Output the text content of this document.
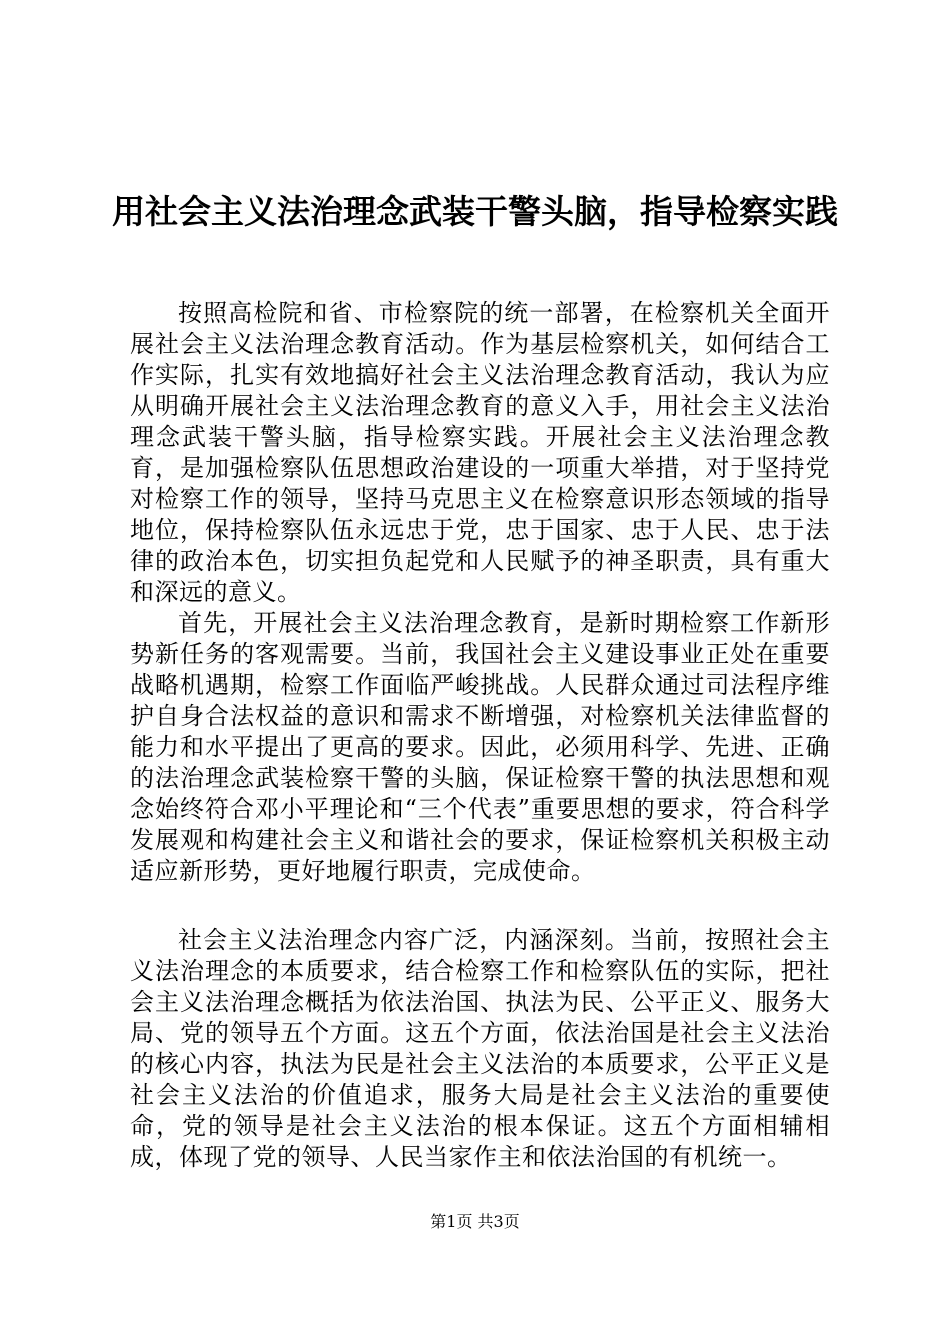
用社会主义法治理念武装干警头脑，指导检察实践

按照高检院和省、市检察院的统一部署，在检察机关全面开展社会主义法治理念教育活动。作为基层检察机关，如何结合工作实际，扎实有效地搞好社会主义法治理念教育活动，我认为应从明确开展社会主义法治理念教育的意义入手，用社会主义法治理念武装干警头脑，指导检察实践。开展社会主义法治理念教育，是加强检察队伍思想政治建设的一项重大举措，对于坚持党对检察工作的领导，坚持马克思主义在检察意识形态领域的指导地位，保持检察队伍永远忠于党，忠于国家、忠于人民、忠于法律的政治本色，切实担负起党和人民赋予的神圣职责，具有重大和深远的意义。

首先，开展社会主义法治理念教育，是新时期检察工作新形势新任务的客观需要。当前，我国社会主义建设事业正处在重要战略机遇期，检察工作面临严峻挑战。人民群众通过司法程序维护自身合法权益的意识和需求不断增强，对检察机关法律监督的能力和水平提出了更高的要求。因此，必须用科学、先进、正确的法治理念武装检察干警的头脑，保证检察干警的执法思想和观念始终符合邓小平理论和“三个代表”重要思想的要求，符合科学发展观和构建社会主义和谐社会的要求，保证检察机关积极主动适应新形势，更好地履行职责，完成使命。

社会主义法治理念内容广泛，内涵深刻。当前，按照社会主义法治理念的本质要求，结合检察工作和检察队伍的实际，把社会主义法治理念概括为依法治国、执法为民、公平正义、服务大局、党的领导五个方面。这五个方面，依法治国是社会主义法治的核心内容，执法为民是社会主义法治的本质要求，公平正义是社会主义法治的价值追求，服务大局是社会主义法治的重要使命，党的领导是社会主义法治的根本保证。这五个方面相辅相成，体现了党的领导、人民当家作主和依法治国的有机统一。

第1页 共3页
